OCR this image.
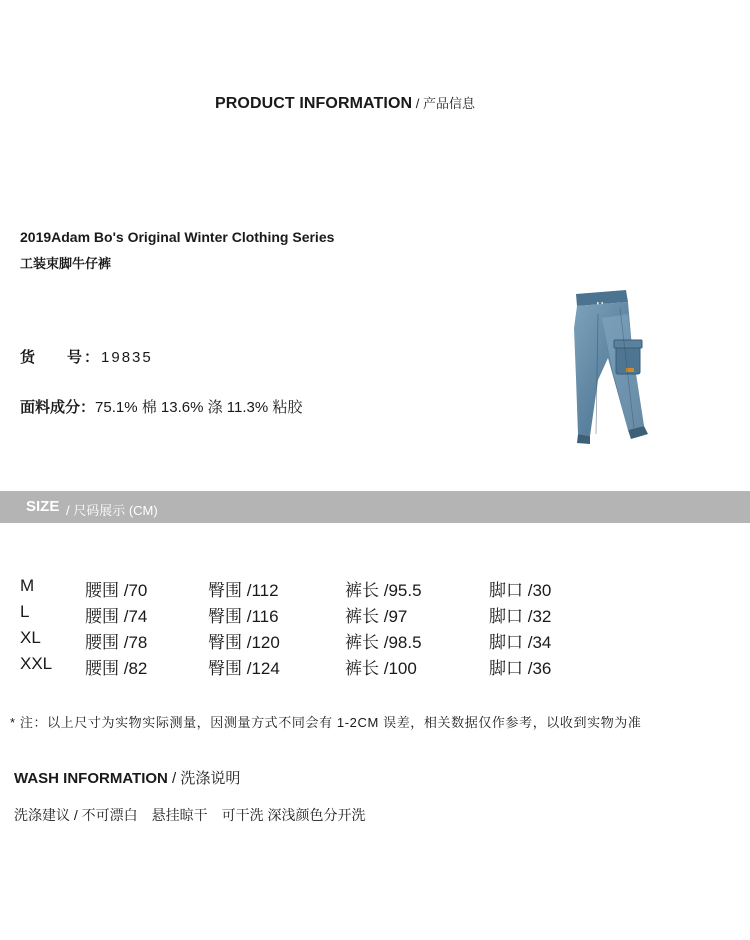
PRODUCT INFORMATION / 产品信息
2019Adam Bo's Original Winter Clothing Series
工装束脚牛仔裤
货 号：19835
面料成分：75.1% 棉 13.6% 涤 11.3% 粘胶
SIZE / 尺码展示 (CM)
M	腰围 /70	臀围 /112	裤长 /95.5	脚口 /30
L	腰围 /74	臀围 /116	裤长 /97	脚口 /32
XL	腰围 /78	臀围 /120	裤长 /98.5	脚口 /34
XXL 腰围 /82	臀围 /124	裤长 /100	脚口 /36
* 注：以上尺寸为实物实际测量，因测量方式不同会有 1-2CM 误差，相关数据仅作参考，以收到实物为准
WASH INFORMATION / 洗涤说明
洗涤建议 / 不可漂白　悬挂晾干　可干洗 深浅颜色分开洗
